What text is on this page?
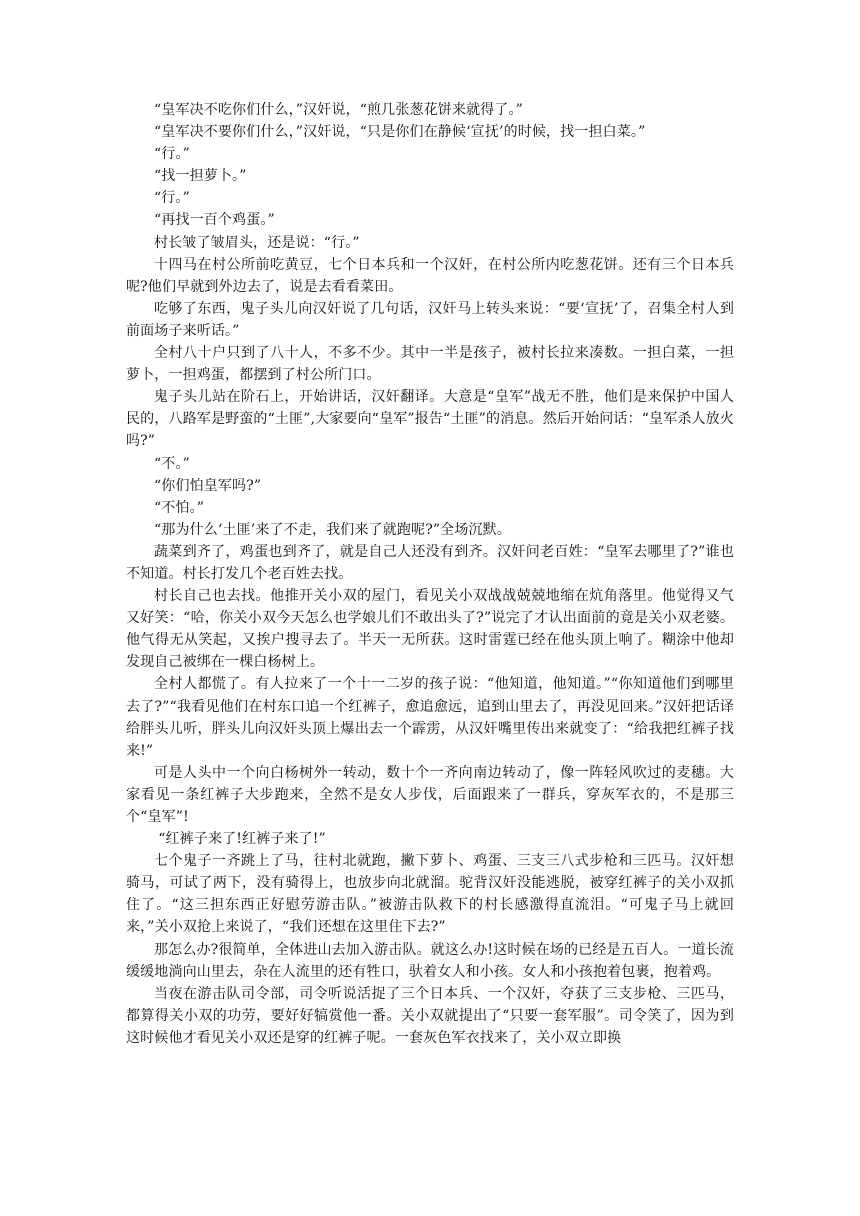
“皇军决不吃你们什么，”汉奸说，“煎几张葱花饼来就得了。”

“皇军决不要你们什么，”汉奸说，“只是你们在静候‘宣抚’的时候，找一担白菜。”

“行。”

“找一担萝卜。”

“行。”

“再找一百个鸡蛋。”

村长皱了皱眉头，还是说：“行。”

十四马在村公所前吃黄豆，七个日本兵和一个汉奸，在村公所内吃葱花饼。还有三个日本兵呢?他们早就到外边去了，说是去看看菜田。

吃够了东西，鬼子头儿向汉奸说了几句话，汉奸马上转头来说：“要‘宣抚’了，召集全村人到前面场子来听话。”

全村八十户只到了八十人，不多不少。其中一半是孩子，被村长拉来凑数。一担白菜，一担萝卜，一担鸡蛋，都摆到了村公所门口。

鬼子头儿站在阶石上，开始讲话，汉奸翻译。大意是“皇军”战无不胜，他们是来保护中国人民的，八路军是野蛮的“土匪”,大家要向“皇军”报告“土匪”的消息。然后开始问话：“皇军杀人放火吗?”

“不。”

“你们怕皇军吗?”

“不怕。”

“那为什么‘土匪’来了不走，我们来了就跑呢?”全场沉默。

蔬菜到齐了，鸡蛋也到齐了，就是自己人还没有到齐。汉奸问老百姓：“皇军去哪里了?”谁也不知道。村长打发几个老百姓去找。

村长自己也去找。他推开关小双的屋门，看见关小双战战兢兢地缩在炕角落里。他觉得又气又好笑：“哈，你关小双今天怎么也学娘儿们不敢出头了?”说完了才认出面前的竟是关小双老婆。他气得无从笑起，又挨户搜寻去了。半天一无所获。这时雷霆已经在他头顶上响了。糊涂中他却发现自己被绑在一棵白杨树上。

全村人都慌了。有人拉来了一个十一二岁的孩子说：“他知道，他知道。”“你知道他们到哪里去了?”“我看见他们在村东口追一个红裤子，愈追愈远，追到山里去了，再没见回来。”汉奸把话译给胖头儿听，胖头儿向汉奸头顶上爆出去一个霹雳，从汉奸嘴里传出来就变了：“给我把红裤子找来!”

可是人头中一个向白杨树外一转动，数十个一齐向南边转动了，像一阵轻风吹过的麦穗。大家看见一条红裤子大步跑来，全然不是女人步伐，后面跟来了一群兵，穿灰军衣的，不是那三个“皇军”!

“红裤子来了!红裤子来了!”

七个鬼子一齐跳上了马，往村北就跑，撇下萝卜、鸡蛋、三支三八式步枪和三匹马。汉奸想骑马，可试了两下，没有骑得上，也放步向北就溜。驼背汉奸没能逃脱，被穿红裤子的关小双抓住了。“这三担东西正好慰劳游击队。”被游击队救下的村长感激得直流泪。“可鬼子马上就回来，”关小双抢上来说了，“我们还想在这里住下去?”

那怎么办?很简单，全体进山去加入游击队。就这么办!这时候在场的已经是五百人。一道长流缓缓地淌向山里去，杂在人流里的还有牲口，驮着女人和小孩。女人和小孩抱着包裹，抱着鸡。

当夜在游击队司令部，司令听说活捉了三个日本兵、一个汉奸，夺获了三支步枪、三匹马，都算得关小双的功劳，要好好犒赏他一番。关小双就提出了“只要一套军服”。司令笑了，因为到这时候他才看见关小双还是穿的红裤子呢。一套灰色军衣找来了，关小双立即换
